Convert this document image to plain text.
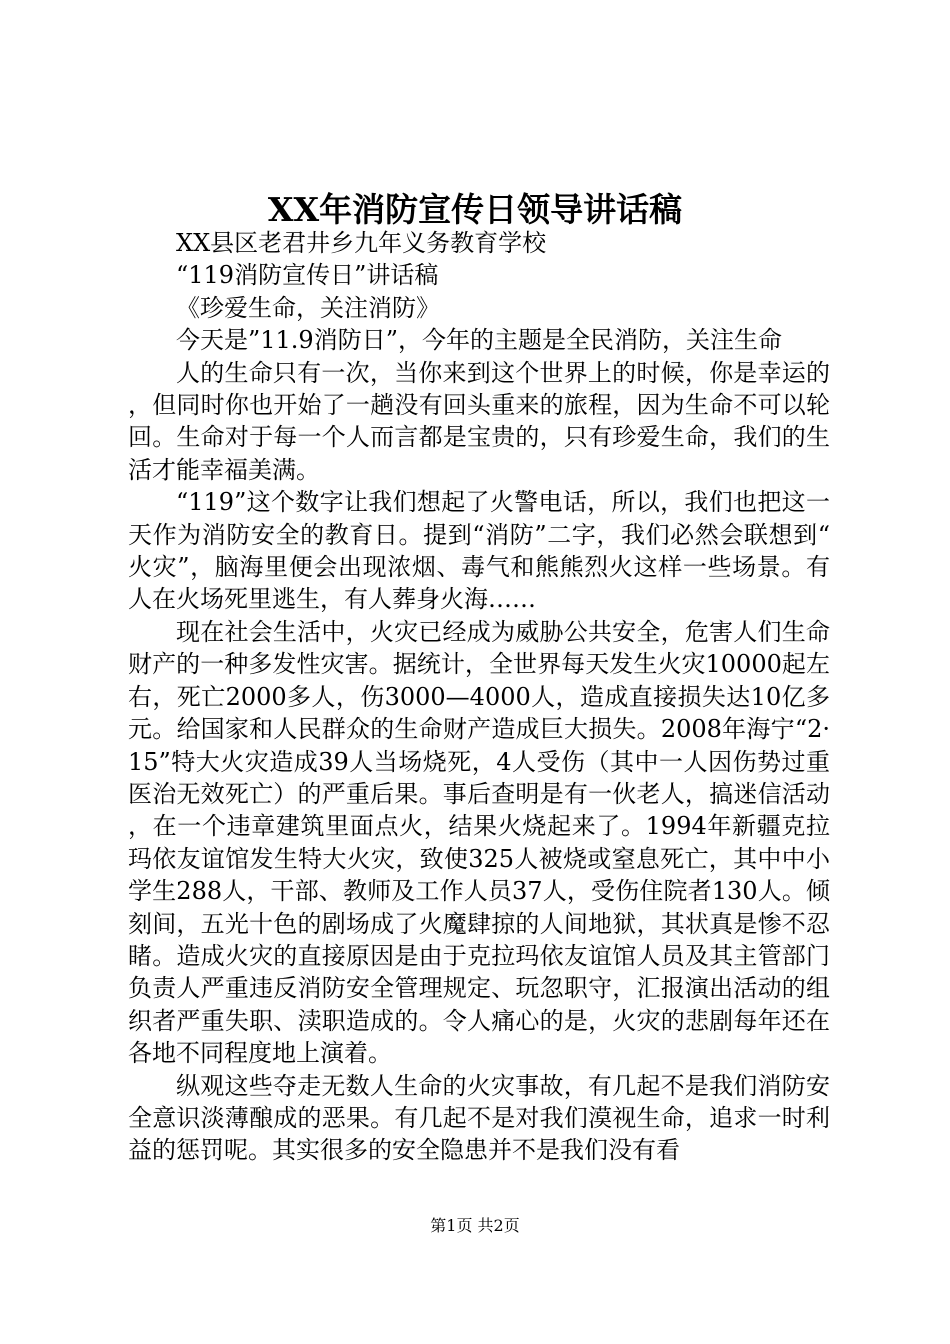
XX年消防宣传日领导讲话稿

XX县区老君井乡九年义务教育学校

“119消防宣传日”讲话稿

《珍爱生命，关注消防》

今天是”11.9消防日”，今年的主题是全民消防，关注生命

人的生命只有一次，当你来到这个世界上的时候，你是幸运的，但同时你也开始了一趟没有回头重来的旅程，因为生命不可以轮回。生命对于每一个人而言都是宝贵的，只有珍爱生命，我们的生活才能幸福美满。

“119”这个数字让我们想起了火警电话，所以，我们也把这一天作为消防安全的教育日。提到“消防”二字，我们必然会联想到“火灾”，脑海里便会出现浓烟、毒气和熊熊烈火这样一些场景。有人在火场死里逃生，有人葬身火海……

现在社会生活中，火灾已经成为威胁公共安全，危害人们生命财产的一种多发性灾害。据统计，全世界每天发生火灾10000起左右，死亡2000多人，伤3000—4000人，造成直接损失达10亿多元。给国家和人民群众的生命财产造成巨大损失。2008年海宁“2·15”特大火灾造成39人当场烧死，4人受伤（其中一人因伤势过重医治无效死亡）的严重后果。事后查明是有一伙老人，搞迷信活动，在一个违章建筑里面点火，结果火烧起来了。1994年新疆克拉玛依友谊馆发生特大火灾，致使325人被烧或窒息死亡，其中中小学生288人，干部、教师及工作人员37人，受伤住院者130人。倾刻间，五光十色的剧场成了火魔肆掠的人间地狱，其状真是惨不忍睹。造成火灾的直接原因是由于克拉玛依友谊馆人员及其主管部门负责人严重违反消防安全管理规定、玩忽职守，汇报演出活动的组织者严重失职、渎职造成的。令人痛心的是，火灾的悲剧每年还在各地不同程度地上演着。

纵观这些夺走无数人生命的火灾事故，有几起不是我们消防安全意识淡薄酿成的恶果。有几起不是对我们漠视生命，追求一时利益的惩罚呢。其实很多的安全隐患并不是我们没有看

第1页 共2页
